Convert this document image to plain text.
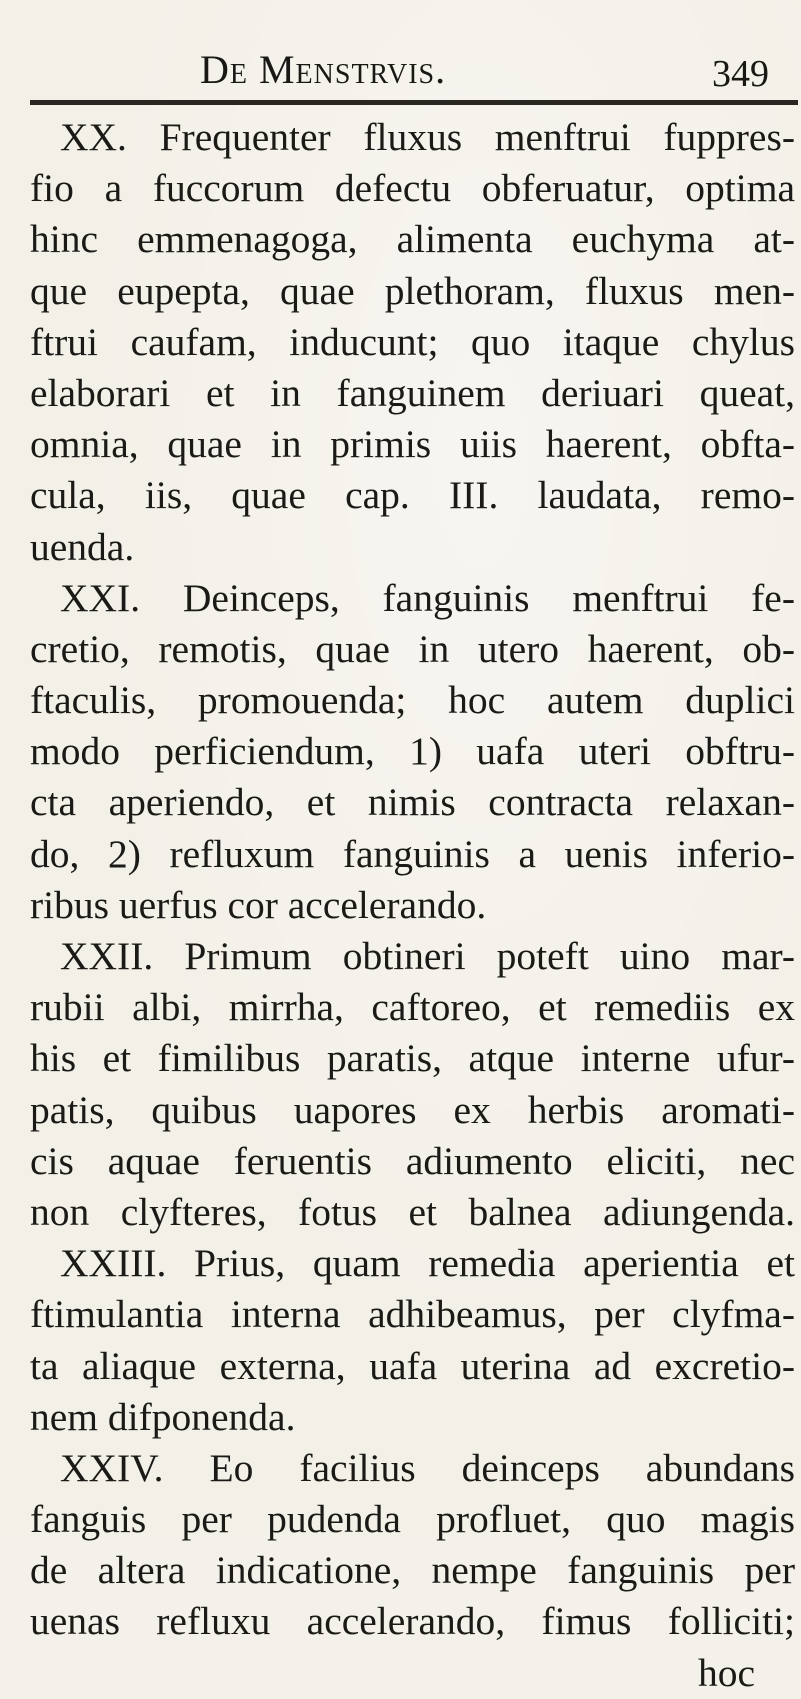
De Menstrvis.	349
XX. Frequenter fluxus menftrui fuppres-
fio a fuccorum defectu obferuatur, optima
hinc emmenagoga, alimenta euchyma at-
que eupepta, quae plethoram, fluxus men-
ftrui caufam, inducunt; quo itaque chylus
elaborari et in fanguinem deriuari queat,
omnia, quae in primis uiis haerent, obfta-
cula, iis, quae cap. III. laudata, remo-
uenda.
XXI. Deinceps, fanguinis menftrui fe-
cretio, remotis, quae in utero haerent, ob-
ftaculis, promouenda; hoc autem duplici
modo perficiendum, 1) uafa uteri obftru-
cta aperiendo, et nimis contracta relaxan-
do, 2) refluxum fanguinis a uenis inferio-
ribus uerfus cor accelerando.
XXII. Primum obtineri poteft uino mar-
rubii albi, mirrha, caftoreo, et remediis ex
his et fimilibus paratis, atque interne ufur-
patis, quibus uapores ex herbis aromati-
cis aquae feruentis adiumento eliciti, nec
non clyfteres, fotus et balnea adiungenda.
XXIII. Prius, quam remedia aperientia et
ftimulantia interna adhibeamus, per clyfma-
ta aliaque externa, uafa uterina ad excretio-
nem difponenda.
XXIV. Eo facilius deinceps abundans
fanguis per pudenda profluet, quo magis
de altera indicatione, nempe fanguinis per
uenas refluxu accelerando, fimus folliciti;
hoc
